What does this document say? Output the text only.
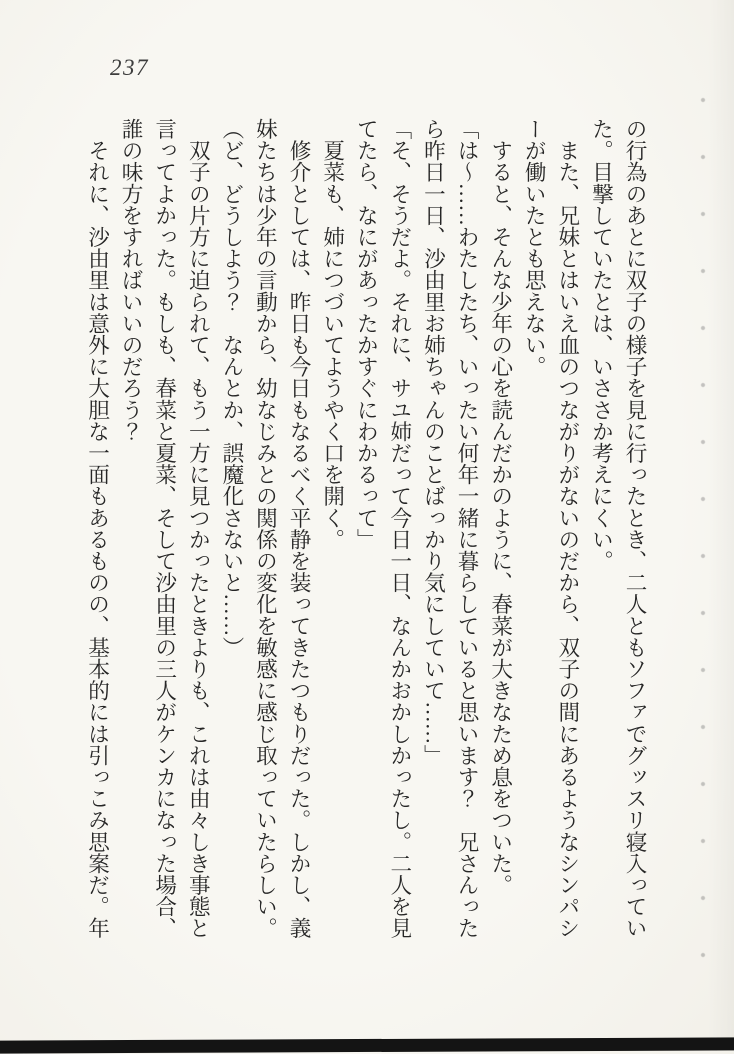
237
の行為のあとに双子の様子を見に行ったとき、二人ともソファでグッスリ寝入ってい
た。目撃していたとは、いささか考えにくい。
　また、兄妹とはいえ血のつながりがないのだから、双子の間にあるようなシンパシ
ーが働いたとも思えない。
　すると、そんな少年の心を読んだかのように、春菜が大きなため息をついた。
「は～……わたしたち、いったい何年一緒に暮らしていると思います？　兄さんった
ら昨日一日、沙由里お姉ちゃんのことばっかり気にしていて……」
「そ、そうだよ。それに、サユ姉だって今日一日、なんかおかしかったし。二人を見
てたら、なにがあったかすぐにわかるって」
　夏菜も、姉につづいてようやく口を開く。
　修介としては、昨日も今日もなるべく平静を装ってきたつもりだった。しかし、義
妹たちは少年の言動から、幼なじみとの関係の変化を敏感に感じ取っていたらしい。
（ど、どうしよう？　なんとか、誤魔化さないと……）
　双子の片方に迫られて、もう一方に見つかったときよりも、これは由々しき事態と
言ってよかった。もしも、春菜と夏菜、そして沙由里の三人がケンカになった場合、
誰の味方をすればいいのだろう？
　それに、沙由里は意外に大胆な一面もあるものの、基本的には引っこみ思案だ。年
